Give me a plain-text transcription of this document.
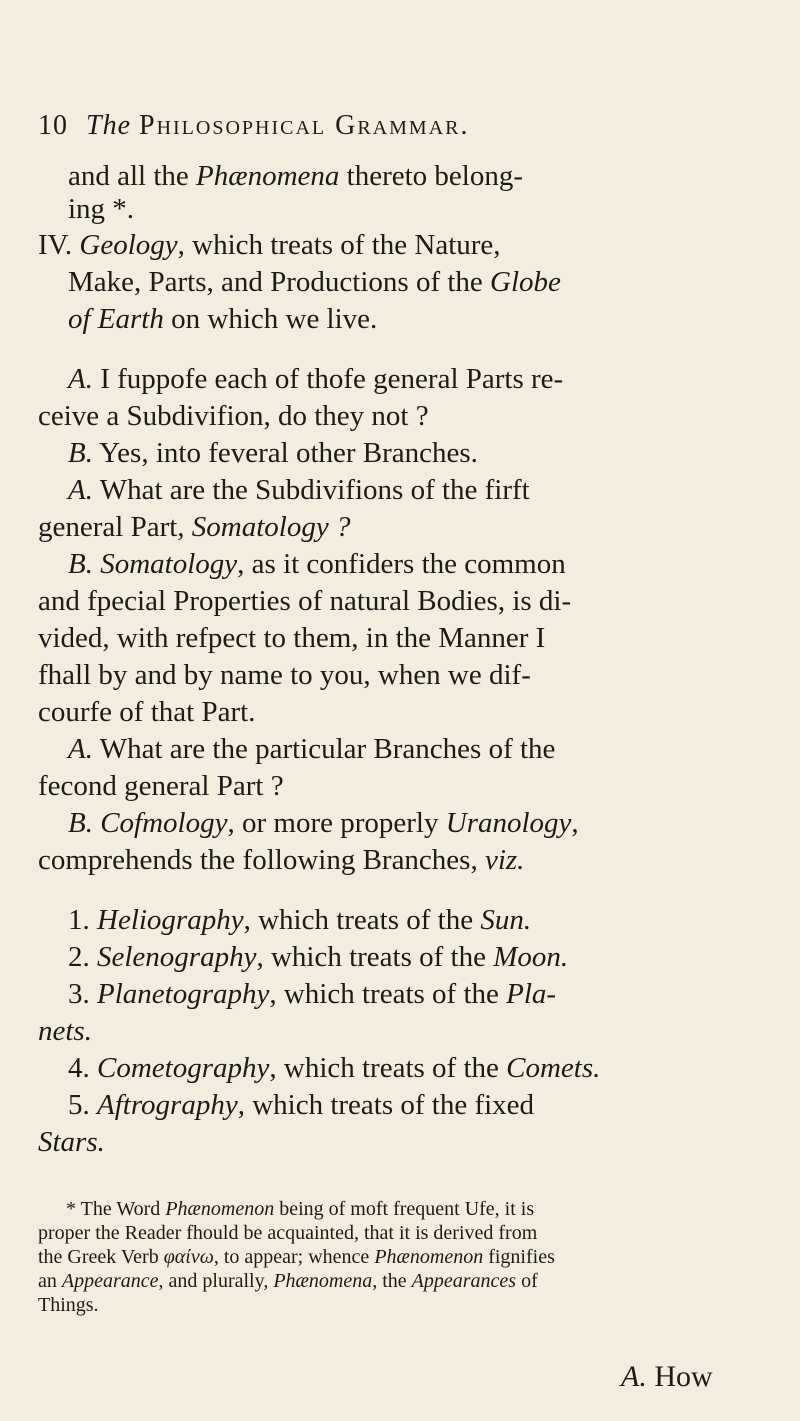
10 The Philosophical Grammar.
and all the Phænomena thereto belong-
ing *.
IV. Geology, which treats of the Nature,
Make, Parts, and Productions of the Globe
of Earth on which we live.
A. I fuppofe each of thofe general Parts re-
ceive a Subdivifion, do they not ?
B. Yes, into feveral other Branches.
A. What are the Subdivifions of the firft
general Part, Somatology ?
B. Somatology, as it confiders the common
and fpecial Properties of natural Bodies, is di-
vided, with refpect to them, in the Manner I
fhall by and by name to you, when we dif-
courfe of that Part.
A. What are the particular Branches of the
fecond general Part ?
B. Cofmology, or more properly Uranology,
comprehends the following Branches, viz.
1. Heliography, which treats of the Sun.
2. Selenography, which treats of the Moon.
3. Planetography, which treats of the Pla-
nets.
4. Cometography, which treats of the Comets.
5. Aftrography, which treats of the fixed
Stars.
* The Word Phænomenon being of moft frequent Ufe, it is
proper the Reader fhould be acquainted, that it is derived from
the Greek Verb φαίνω, to appear; whence Phænomenon fignifies
an Appearance, and plurally, Phænomena, the Appearances of
Things.
A. How
